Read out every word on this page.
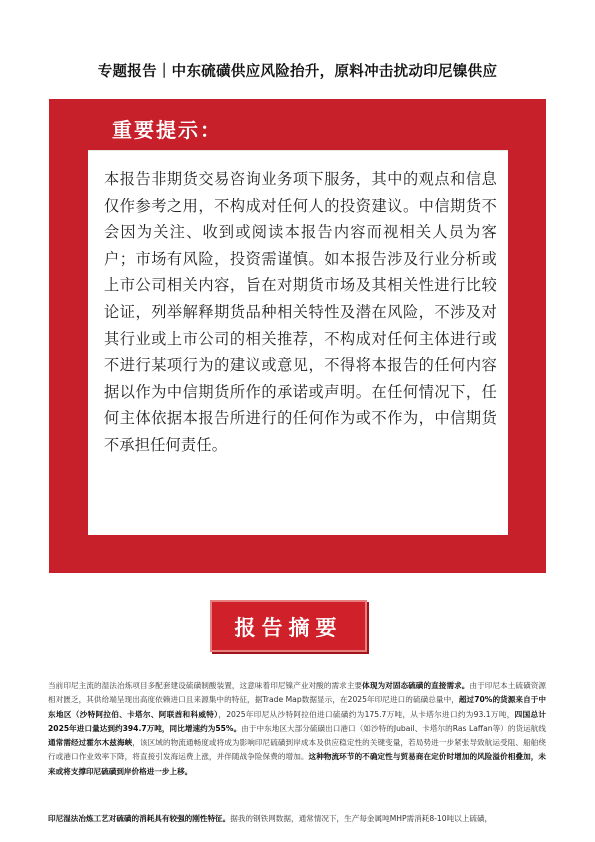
专题报告｜中东硫磺供应风险抬升，原料冲击扰动印尼镍供应
重要提示：
本报告非期货交易咨询业务项下服务，其中的观点和信息仅作参考之用，不构成对任何人的投资建议。中信期货不会因为关注、收到或阅读本报告内容而视相关人员为客户；市场有风险，投资需谨慎。如本报告涉及行业分析或上市公司相关内容，旨在对期货市场及其相关性进行比较论证，列举解释期货品种相关特性及潜在风险，不涉及对其行业或上市公司的相关推荐，不构成对任何主体进行或不进行某项行为的建议或意见，不得将本报告的任何内容据以作为中信期货所作的承诺或声明。在任何情况下，任何主体依据本报告所进行的任何作为或不作为，中信期货不承担任何责任。
报告摘要
当前印尼主流的湿法冶炼项目多配套建设硫磺制酸装置，这意味着印尼镍产业对酸的需求主要体现为对固态硫磺的直接需求。由于印尼本土硫磺资源相对匮乏，其供给端呈现出高度依赖进口且来源集中的特征，据Trade Map数据显示，在2025年印尼进口的硫磺总量中，超过70%的货源来自于中东地区（沙特阿拉伯、卡塔尔、阿联酋和科威特），2025年印尼从沙特阿拉伯进口硫磺约为175.7万吨，从卡塔尔进口约为93.1万吨，四国总计2025年进口量达到约394.7万吨，同比增速约为55%。由于中东地区大部分硫磺出口港口（如沙特的Jubail、卡塔尔的Ras Laffan等）的货运航线通常需经过霍尔木兹海峡，该区域的物流通畅度或将成为影响印尼硫磺到岸成本及供应稳定性的关键变量，若局势进一步紧张导致航运受阻、船舶绕行或港口作业效率下降，将直接引发海运费上涨，并伴随战争险保费的增加。这种物流环节的不确定性与贸易商在定价时增加的风险溢价相叠加，未来或将支撑印尼硫磺到岸价格进一步上移。
印尼湿法冶炼工艺对硫磺的消耗具有较强的刚性特征。据我的钢铁网数据，通常情况下，生产每金属吨MHP需消耗8-10吨以上硫磺，
